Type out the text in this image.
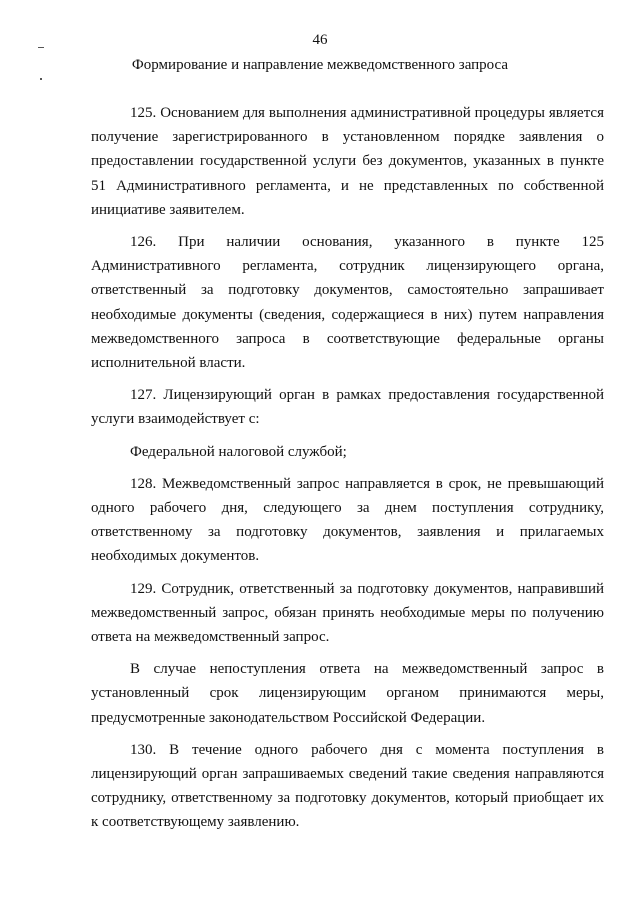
46
Формирование и направление межведомственного запроса

125. Основанием для выполнения административной процедуры является получение зарегистрированного в установленном порядке заявления о предоставлении государственной услуги без документов, указанных в пункте 51 Административного регламента, и не представленных по собственной инициативе заявителем.

126. При наличии основания, указанного в пункте 125 Административного регламента, сотрудник лицензирующего органа, ответственный за подготовку документов, самостоятельно запрашивает необходимые документы (сведения, содержащиеся в них) путем направления межведомственного запроса в соответствующие федеральные органы исполнительной власти.

127. Лицензирующий орган в рамках предоставления государственной услуги взаимодействует с:

Федеральной налоговой службой;

128. Межведомственный запрос направляется в срок, не превышающий одного рабочего дня, следующего за днем поступления сотруднику, ответственному за подготовку документов, заявления и прилагаемых необходимых документов.

129. Сотрудник, ответственный за подготовку документов, направивший межведомственный запрос, обязан принять необходимые меры по получению ответа на межведомственный запрос.

В случае непоступления ответа на межведомственный запрос в установленный срок лицензирующим органом принимаются меры, предусмотренные законодательством Российской Федерации.

130. В течение одного рабочего дня с момента поступления в лицензирующий орган запрашиваемых сведений такие сведения направляются сотруднику, ответственному за подготовку документов, который приобщает их к соответствующему заявлению.
